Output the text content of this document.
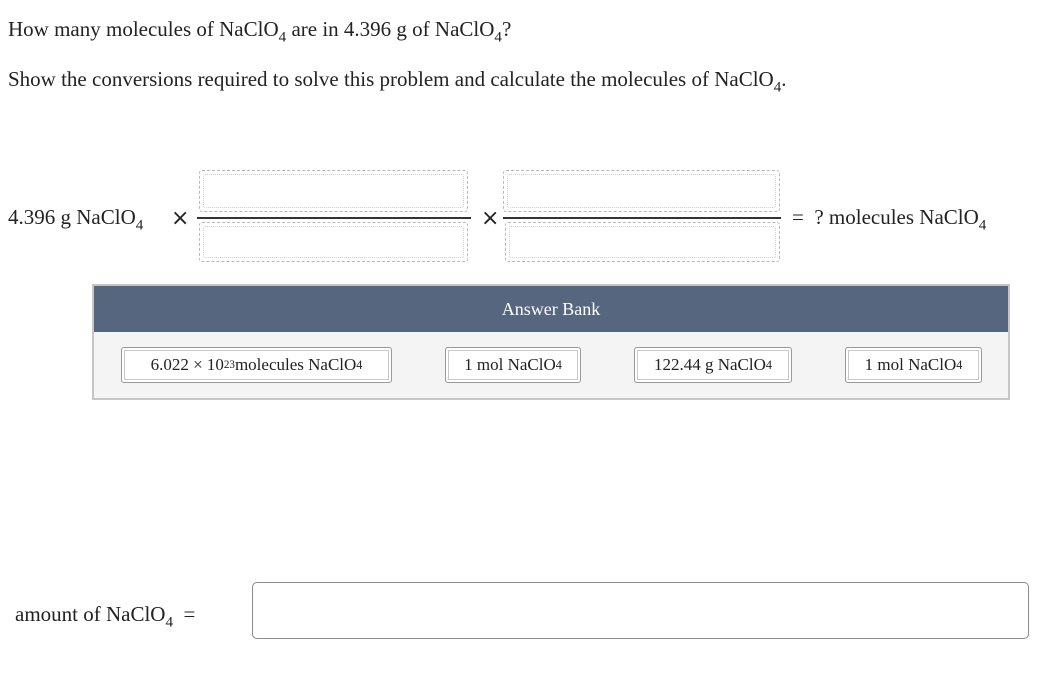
How many molecules of NaClO$_4$ are in 4.396 g of NaClO$_4$?
Show the conversions required to solve this problem and calculate the molecules of NaClO$_4$.
4.396 g NaClO$_4$ ×	×	= ? molecules NaClO$_4$
Answer Bank
6.022 × 10 23 molecules NaClO 4	1 mol NaClO 4	122.44 g NaClO 4	1 mol NaClO 4
amount of NaClO$_4$ =
